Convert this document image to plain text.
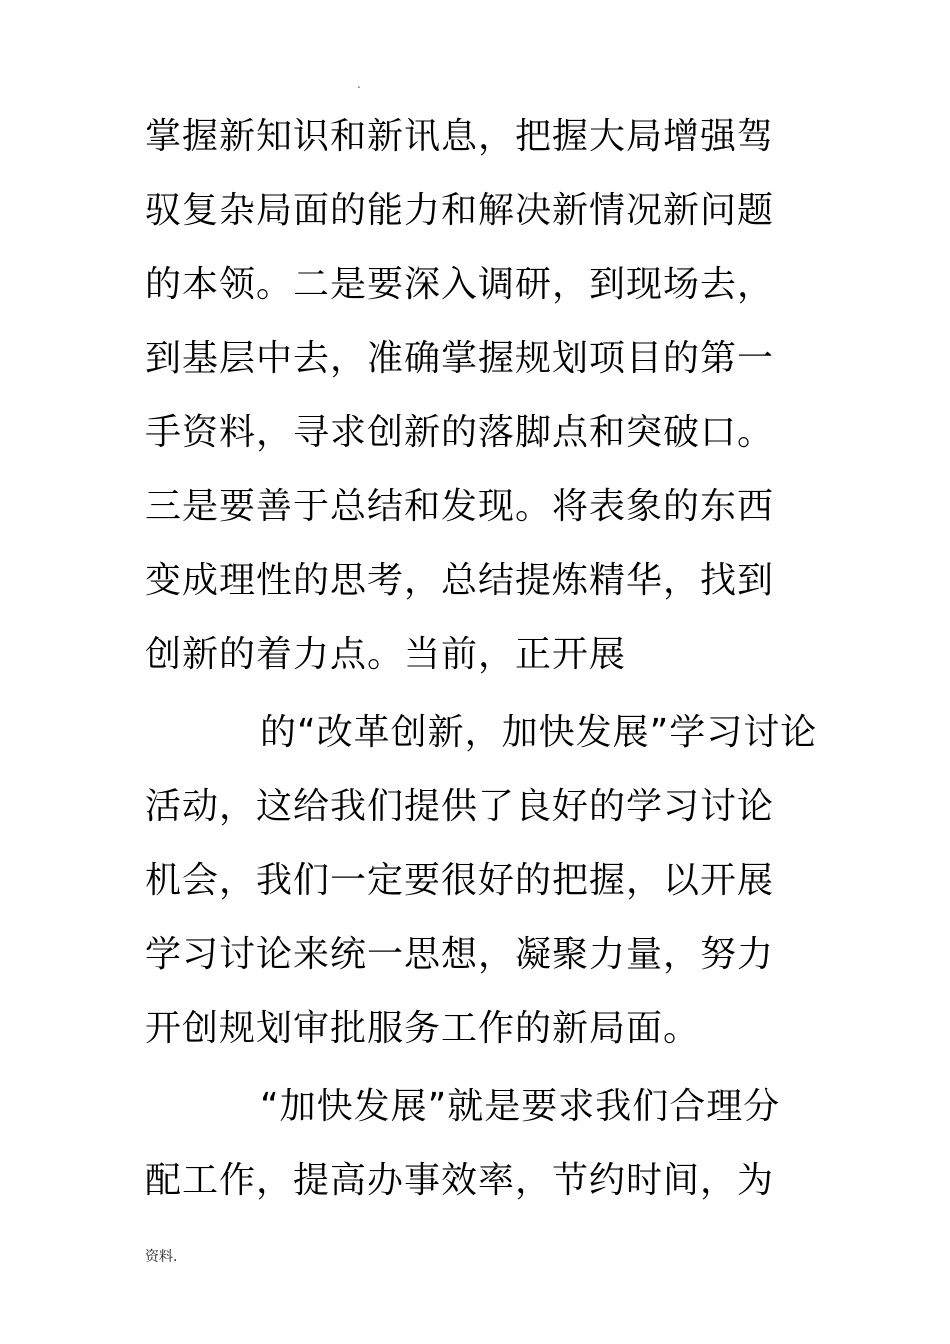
.
掌握新知识和新讯息，把握大局增强驾
驭复杂局面的能力和解决新情况新问题
的本领。二是要深入调研，到现场去，
到基层中去，准确掌握规划项目的第一
手资料，寻求创新的落脚点和突破口。
三是要善于总结和发现。将表象的东西
变成理性的思考，总结提炼精华，找到
创新的着力点。当前，正开展
的“改革创新，加快发展”学习讨论
活动，这给我们提供了良好的学习讨论
机会，我们一定要很好的把握，以开展
学习讨论来统一思想，凝聚力量，努力
开创规划审批服务工作的新局面。
“加快发展”就是要求我们合理分
配工作，提高办事效率，节约时间，为
资料.
